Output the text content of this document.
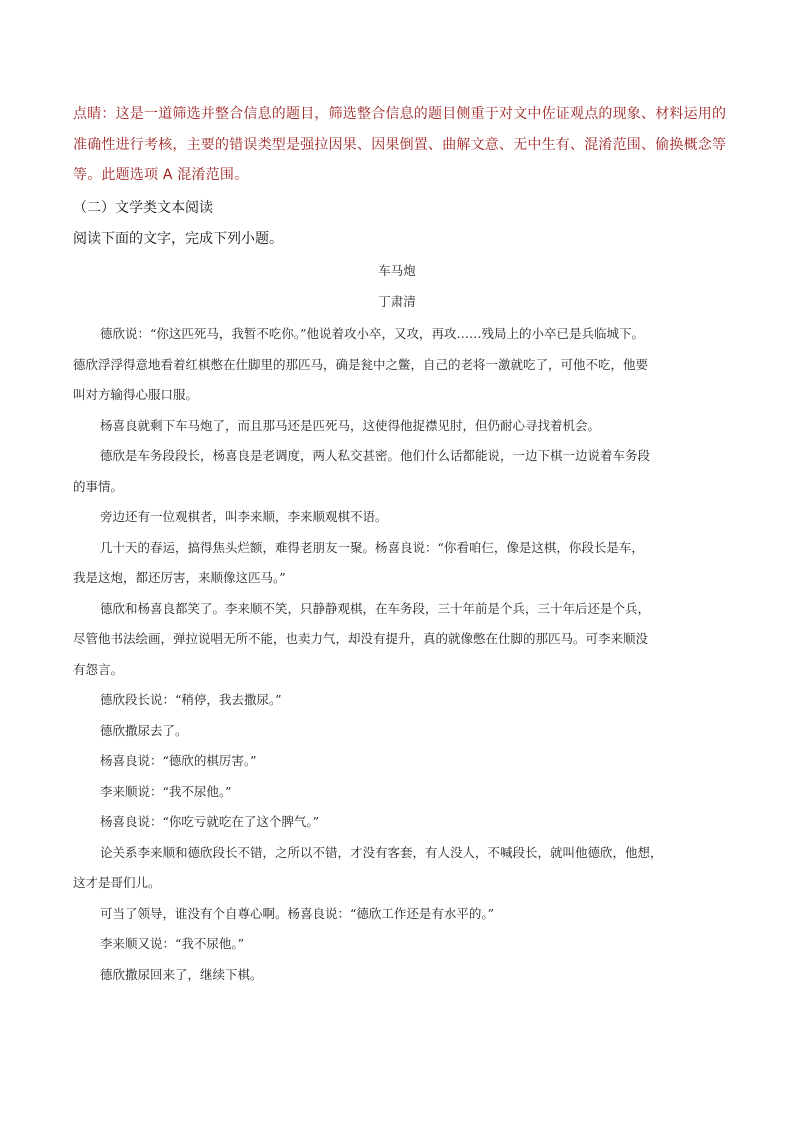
点睛：这是一道筛选并整合信息的题目，筛选整合信息的题目侧重于对文中佐证观点的现象、材料运用的
准确性进行考核，主要的错误类型是强拉因果、因果倒置、曲解文意、无中生有、混淆范围、偷换概念等
等。此题选项 A 混淆范围。
（二）文学类文本阅读
阅读下面的文字，完成下列小题。
车马炮
丁肃清
德欣说：“你这匹死马，我暂不吃你。”他说着攻小卒，又攻，再攻……残局上的小卒已是兵临城下。
德欣浮浮得意地看着红棋憋在仕脚里的那匹马，确是瓮中之鳖，自己的老将一激就吃了，可他不吃，他要
叫对方输得心服口服。
杨喜良就剩下车马炮了，而且那马还是匹死马，这使得他捉襟见肘，但仍耐心寻找着机会。
德欣是车务段段长，杨喜良是老调度，两人私交甚密。他们什么话都能说，一边下棋一边说着车务段
的事情。
旁边还有一位观棋者，叫李来顺，李来顺观棋不语。
几十天的春运，搞得焦头烂额，难得老朋友一聚。杨喜良说：“你看咱仨，像是这棋，你段长是车，
我是这炮，都还厉害，来顺像这匹马。”
德欣和杨喜良都笑了。李来顺不笑，只静静观棋，在车务段，三十年前是个兵，三十年后还是个兵，
尽管他书法绘画，弹拉说唱无所不能，也卖力气，却没有提升，真的就像憋在仕脚的那匹马。可李来顺没
有怨言。
德欣段长说：“稍停，我去撒尿。”
德欣撒尿去了。
杨喜良说：“德欣的棋厉害。”
李来顺说：“我不尿他。”
杨喜良说：“你吃亏就吃在了这个脾气。”
论关系李来顺和德欣段长不错，之所以不错，才没有客套，有人没人，不喊段长，就叫他德欣，他想，
这才是哥们儿。
可当了领导，谁没有个自尊心啊。杨喜良说：“德欣工作还是有水平的。”
李来顺又说：“我不尿他。”
德欣撒尿回来了，继续下棋。
